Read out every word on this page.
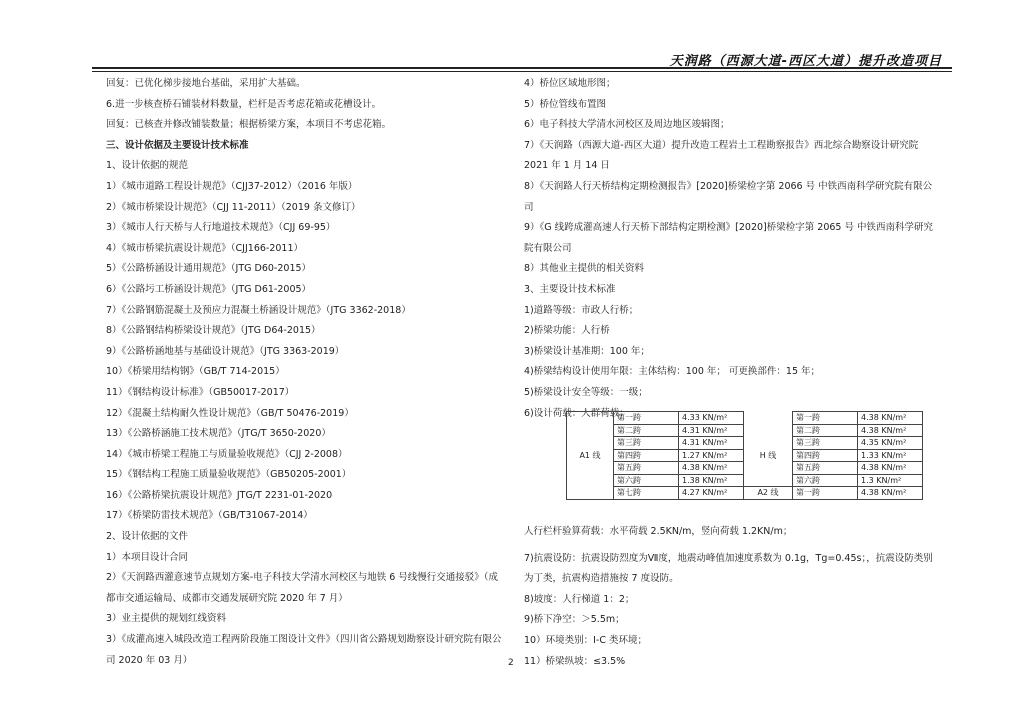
天润路（西源大道-西区大道）提升改造项目
回复：已优化梯步接地台基础，采用扩大基础。
6.进一步核查桥石铺装材料数量，栏杆是否考虑花箱或花槽设计。
回复：已核查并修改铺装数量；根据桥梁方案，本项目不考虑花箱。
三、设计依据及主要设计技术标准
1、设计依据的规范
1）《城市道路工程设计规范》（CJJ37-2012）（2016 年版）
2）《城市桥梁设计规范》（CJJ 11-2011）（2019 条文修订）
3）《城市人行天桥与人行地道技术规范》（CJJ 69-95）
4）《城市桥梁抗震设计规范》（CJJ166-2011）
5）《公路桥涵设计通用规范》（JTG D60-2015）
6）《公路圬工桥涵设计规范》（JTG D61-2005）
7）《公路钢筋混凝土及预应力混凝土桥涵设计规范》（JTG 3362-2018）
8）《公路钢结构桥梁设计规范》（JTG D64-2015）
9）《公路桥涵地基与基础设计规范》（JTG 3363-2019）
10）《桥梁用结构钢》（GB/T 714-2015）
11）《钢结构设计标准》（GB50017-2017）
12）《混凝土结构耐久性设计规范》（GB/T 50476-2019）
13）《公路桥涵施工技术规范》（JTG/T 3650-2020）
14）《城市桥梁工程施工与质量验收规范》（CJJ 2-2008）
15）《钢结构工程施工质量验收规范》（GB50205-2001）
16）《公路桥梁抗震设计规范》JTG/T 2231-01-2020
17）《桥梁防雷技术规范》（GB/T31067-2014）
2、设计依据的文件
1）本项目设计合同
2）《天润路西灌意速节点规划方案-电子科技大学清水河校区与地铁 6 号线慢行交通接驳》（成都市交通运输局、成都市交通发展研究院 2020 年 7 月）
3）业主提供的规划红线资料
3）《成灌高速入城段改造工程两阶段施工图设计文件》（四川省公路规划勘察设计研究院有限公司 2020 年 03 月）
4）桥位区域地形图；
5）桥位管线布置图
6）电子科技大学清水河校区及周边地区竣辑图；
7）《天润路（西源大道-西区大道）提升改造工程岩土工程勘察报告》西北综合勘察设计研究院 2021 年 1 月 14 日
8）《天润路人行天桥结构定期检测报告》[2020]桥梁检字第 2066 号 中铁西南科学研究院有限公司
9）《G 线跨成灌高速人行天桥下部结构定期检测》[2020]桥梁检字第 2065 号 中铁西南科学研究院有限公司
8）其他业主提供的相关资料
3、主要设计技术标准
1)道路等级：市政人行桥；
2)桥梁功能：人行桥
3)桥梁设计基准期：100 年；
4)桥梁结构设计使用年限：主体结构：100 年； 可更换部件：15 年；
5)桥梁设计安全等级：一级；
6)设计荷载：人群荷载；
人行栏杆验算荷载：水平荷载 2.5KN/m，竖向荷载 1.2KN/m；
7)抗震设防：抗震设防烈度为Ⅶ度，地震动峰值加速度系数为 0.1g，Tg=0.45s；，抗震设防类别为丁类，抗震构造措施按 7 度设防。
8)坡度：人行梯道 1：2；
9)桥下净空：＞5.5m；
10）环境类别：Ⅰ-C 类环境；
11）桥梁纵坡：≤3.5%
A1 线	第一跨	4.33 KN/m²		第一跨	4.38 KN/m²
	第二跨	4.31 KN/m²		第二跨	4.38 KN/m²
	第三跨	4.31 KN/m²		第三跨	4.35 KN/m²
	第四跨	1.27 KN/m²	H 线	第四跨	1.33 KN/m²
	第五跨	4.38 KN/m²		第五跨	4.38 KN/m²
	第六跨	1.38 KN/m²		第六跨	1.3 KN/m²
	第七跨	4.27 KN/m²	A2 线	第一跨	4.38 KN/m²
2
